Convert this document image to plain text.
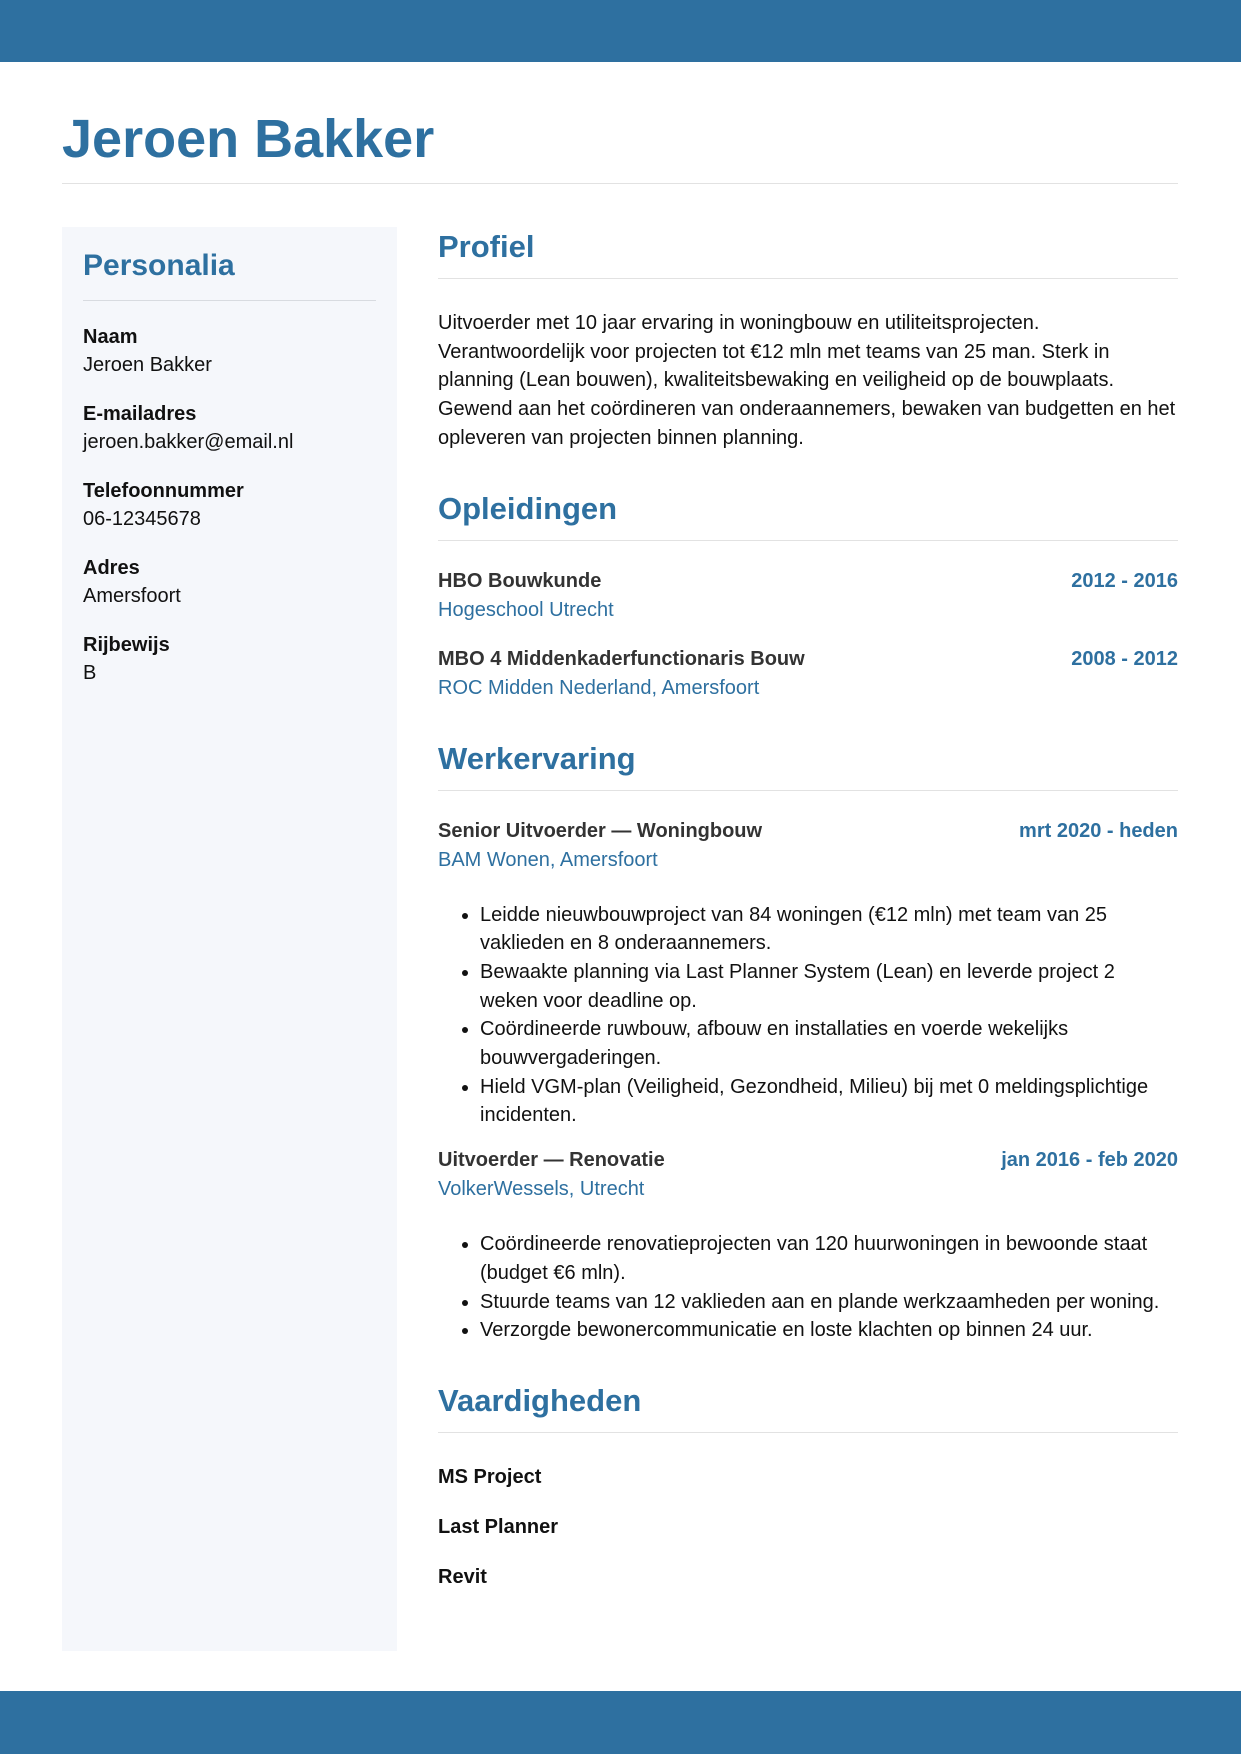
Jeroen Bakker
Personalia
Naam
Jeroen Bakker
E-mailadres
jeroen.bakker@email.nl
Telefoonnummer
06-12345678
Adres
Amersfoort
Rijbewijs
B
Profiel

Uitvoerder met 10 jaar ervaring in woningbouw en utiliteitsprojecten. Verantwoordelijk voor projecten tot €12 mln met teams van 25 man. Sterk in planning (Lean bouwen), kwaliteitsbewaking en veiligheid op de bouwplaats. Gewend aan het coördineren van onderaannemers, bewaken van budgetten en het opleveren van projecten binnen planning.

Opleidingen
HBO Bouwkunde	2012 - 2016
Hogeschool Utrecht
MBO 4 Middenkaderfunctionaris Bouw	2008 - 2012
ROC Midden Nederland, Amersfoort
Werkervaring
Senior Uitvoerder — Woningbouw	mrt 2020 - heden
BAM Wonen, Amersfoort
• Leidde nieuwbouwproject van 84 woningen (€12 mln) met team van 25 vaklieden en 8 onderaannemers.
• Bewaakte planning via Last Planner System (Lean) en leverde project 2 weken voor deadline op.
• Coördineerde ruwbouw, afbouw en installaties en voerde wekelijks bouwvergaderingen.
• Hield VGM-plan (Veiligheid, Gezondheid, Milieu) bij met 0 meldingsplichtige incidenten.
Uitvoerder — Renovatie	jan 2016 - feb 2020
VolkerWessels, Utrecht
• Coördineerde renovatieprojecten van 120 huurwoningen in bewoonde staat (budget €6 mln).
• Stuurde teams van 12 vaklieden aan en plande werkzaamheden per woning.
• Verzorgde bewonercommunicatie en loste klachten op binnen 24 uur.
Vaardigheden
MS Project
Last Planner
Revit
